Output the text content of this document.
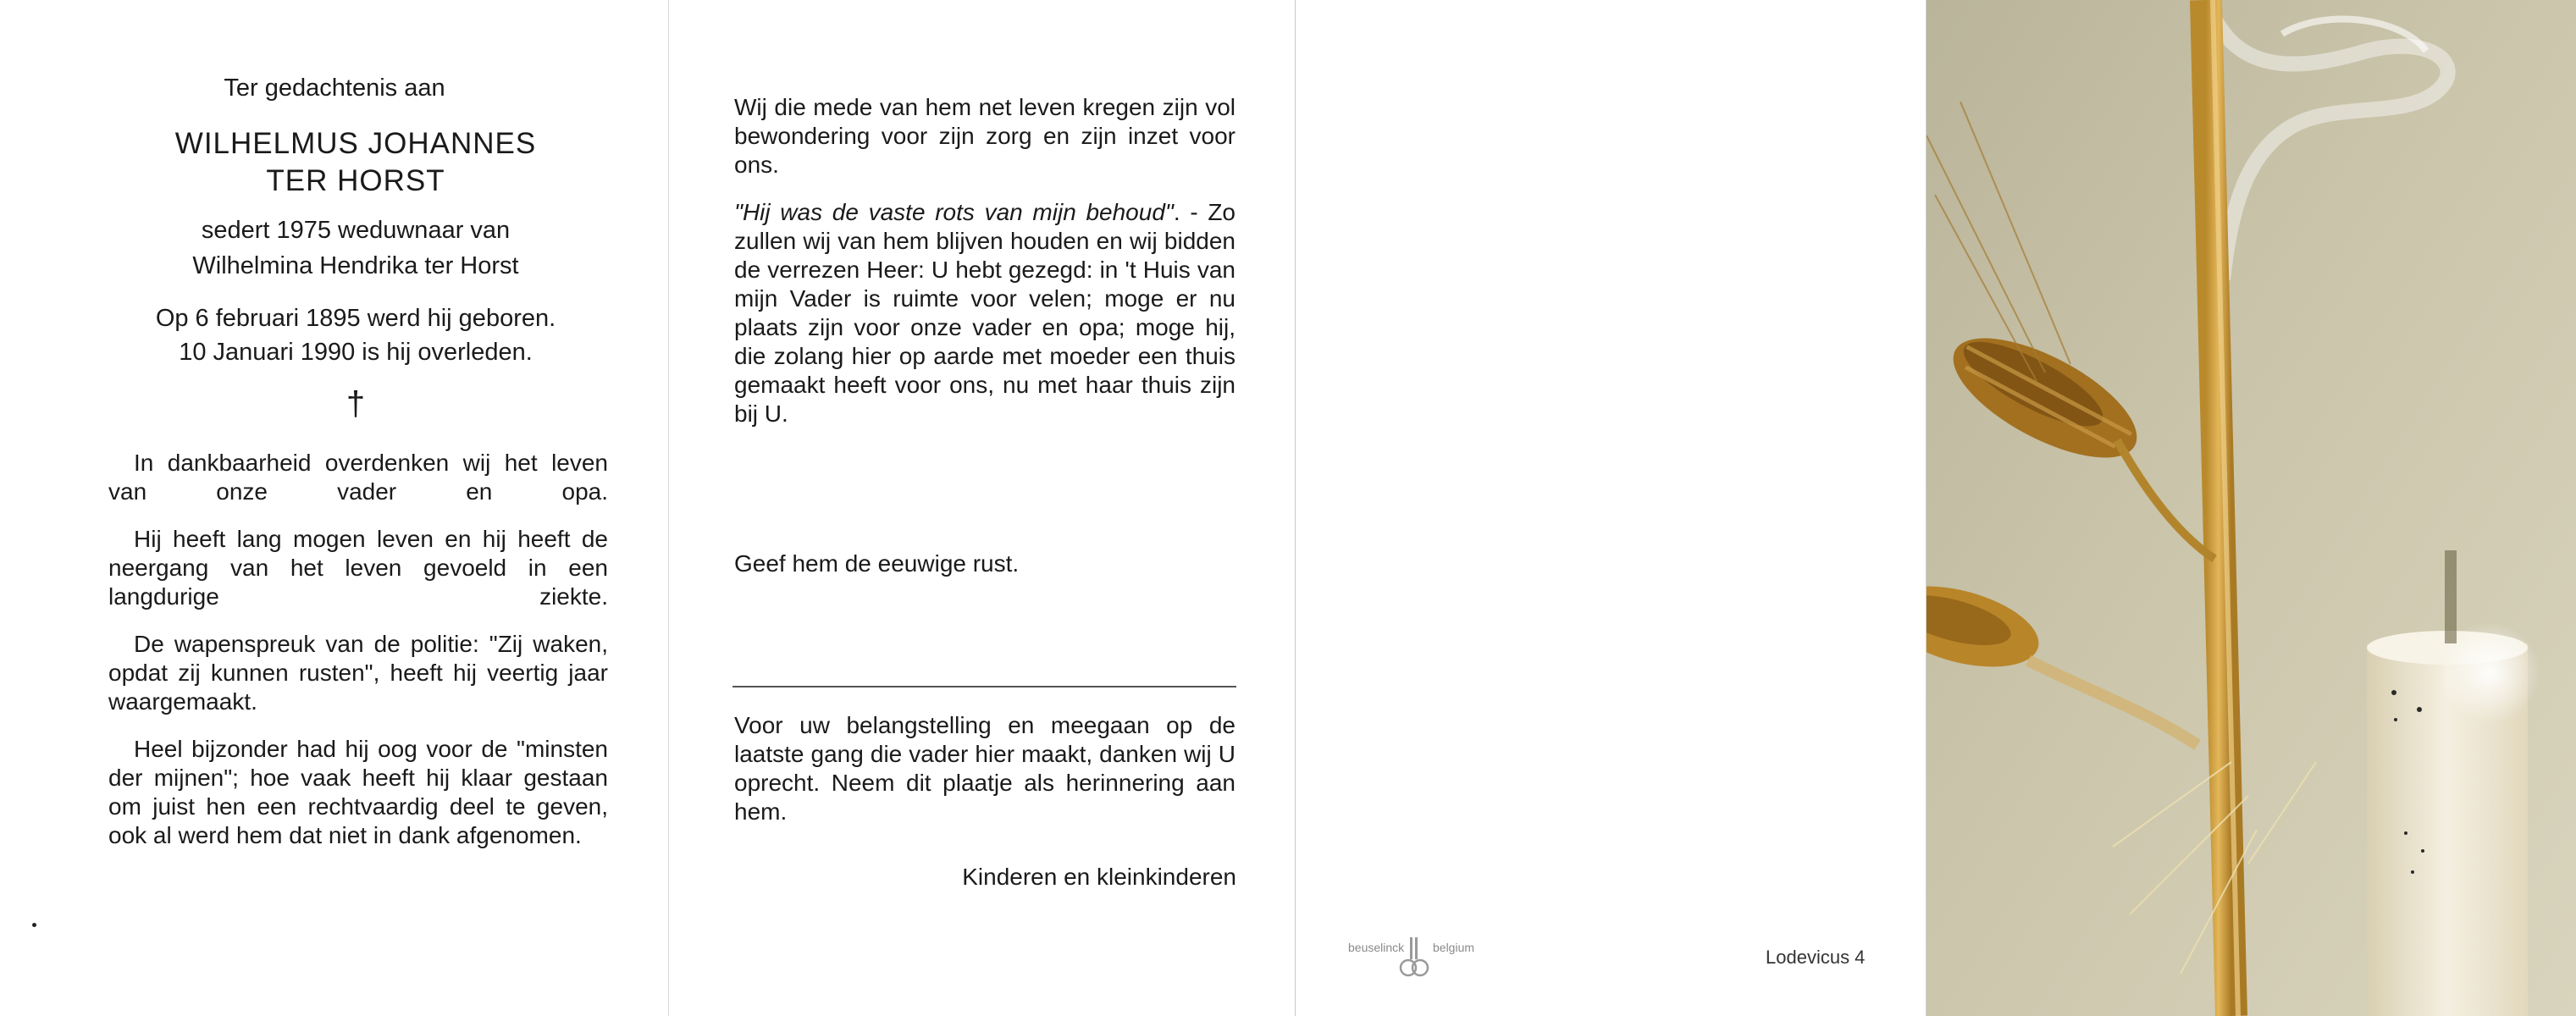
Ter gedachtenis aan
WILHELMUS JOHANNES
TER HORST
sedert 1975 weduwnaar van
Wilhelmina Hendrika ter Horst
Op 6 februari 1895 werd hij geboren.
10 Januari 1990 is hij overleden.
†

In dankbaarheid overdenken wij het leven van onze vader en opa.

Hij heeft lang mogen leven en hij heeft de neergang van het leven gevoeld in een langdurige ziekte.

De wapenspreuk van de politie: "Zij waken, opdat zij kunnen rusten", heeft hij veertig jaar waargemaakt.

Heel bijzonder had hij oog voor de "minsten der mijnen"; hoe vaak heeft hij klaar gestaan om juist hen een rechtvaardig deel te geven, ook al werd hem dat niet in dank afgenomen.

Wij die mede van hem net leven kregen zijn vol bewondering voor zijn zorg en zijn inzet voor ons.

"Hij was de vaste rots van mijn behoud". - Zo zullen wij van hem blijven houden en wij bidden de verrezen Heer: U hebt gezegd: in 't Huis van mijn Vader is ruimte voor velen; moge er nu plaats zijn voor onze vader en opa; moge hij, die zolang hier op aarde met moeder een thuis gemaakt heeft voor ons, nu met haar thuis zijn bij U.

Geef hem de eeuwige rust.

Voor uw belangstelling en meegaan op de laatste gang die vader hier maakt, danken wij U oprecht. Neem dit plaatje als herinnering aan hem.

Kinderen en kleinkinderen
beuselinck belgium	Lodevicus 4
